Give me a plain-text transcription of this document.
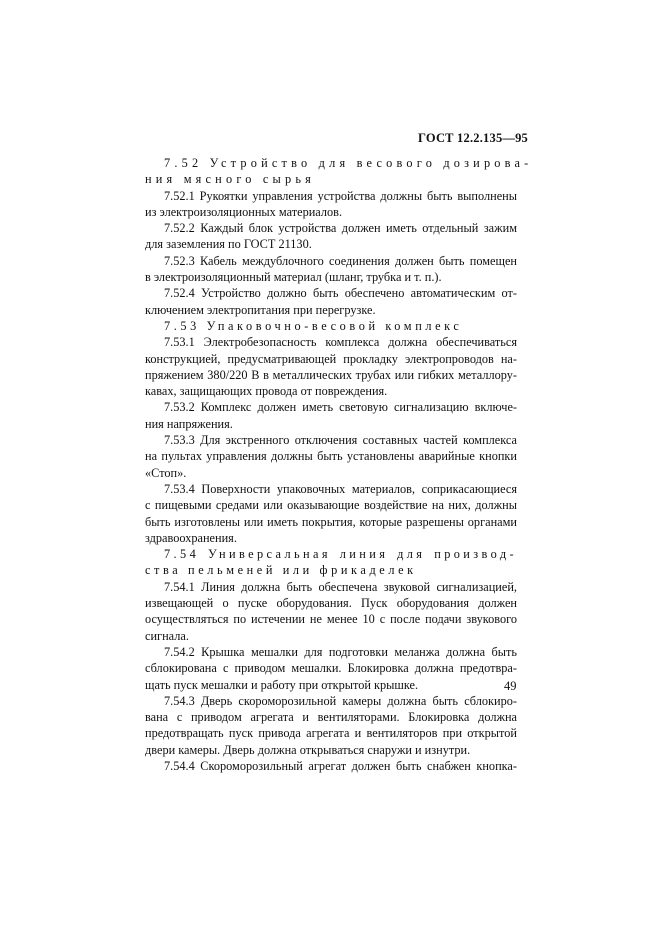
ГОСТ 12.2.135—95
7.52 Устройство для весового дозирова-
ния мясного сырья
7.52.1 Рукоятки управления устройства должны быть выполнены
из электроизоляционных материалов.
7.52.2 Каждый блок устройства должен иметь отдельный зажим
для заземления по ГОСТ 21130.
7.52.3 Кабель междублочного соединения должен быть помещен
в электроизоляционный материал (шланг, трубка и т. п.).
7.52.4 Устройство должно быть обеспечено автоматическим от-
ключением электропитания при перегрузке.
7.53 Упаковочно-весовой комплекс
7.53.1 Электробезопасность комплекса должна обеспечиваться
конструкцией, предусматривающей прокладку электропроводов на-
пряжением 380/220 В в металлических трубах или гибких металлору-
кавах, защищающих провода от повреждения.
7.53.2 Комплекс должен иметь световую сигнализацию включе-
ния напряжения.
7.53.3 Для экстренного отключения составных частей комплекса
на пультах управления должны быть установлены аварийные кнопки
«Стоп».
7.53.4 Поверхности упаковочных материалов, соприкасающиеся
с пищевыми средами или оказывающие воздействие на них, должны
быть изготовлены или иметь покрытия, которые разрешены органами
здравоохранения.
7.54 Универсальная линия для производ-
ства пельменей или фрикаделек
7.54.1 Линия должна быть обеспечена звуковой сигнализацией,
извещающей о пуске оборудования. Пуск оборудования должен
осуществляться по истечении не менее 10 с после подачи звукового
сигнала.
7.54.2 Крышка мешалки для подготовки меланжа должна быть
сблокирована с приводом мешалки. Блокировка должна предотвра-
щать пуск мешалки и работу при открытой крышке.
7.54.3 Дверь скороморозильной камеры должна быть сблокиро-
вана с приводом агрегата и вентиляторами. Блокировка должна
предотвращать пуск привода агрегата и вентиляторов при открытой
двери камеры. Дверь должна открываться снаружи и изнутри.
7.54.4 Скороморозильный агрегат должен быть снабжен кнопка-
49
